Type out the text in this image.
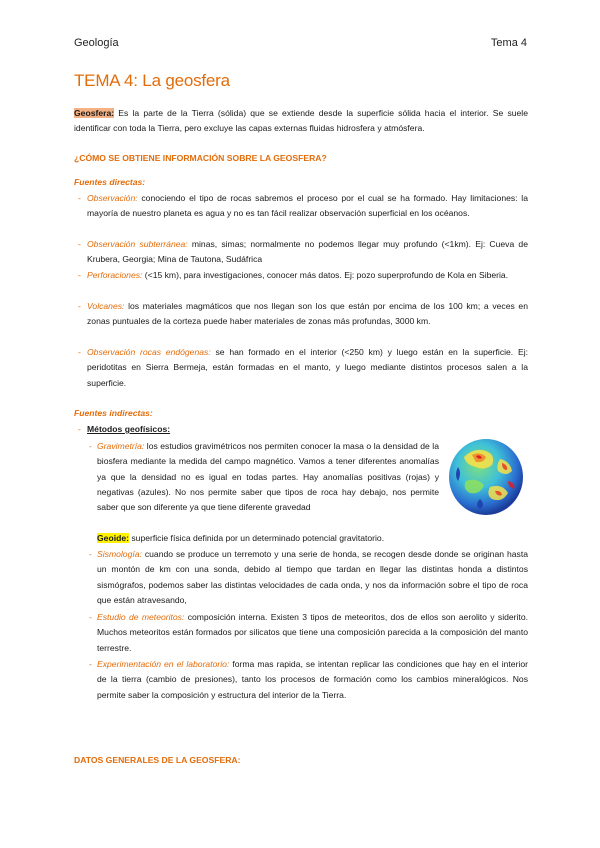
Geología	Tema 4
TEMA 4: La geosfera
Geosfera: Es la parte de la Tierra (sólida) que se extiende desde la superficie sólida hacia el interior. Se suele identificar con toda la Tierra, pero excluye las capas externas fluidas hidrosfera y atmósfera.
¿CÓMO SE OBTIENE INFORMACIÓN SOBRE LA GEOSFERA?
Fuentes directas:
- Observación: conociendo el tipo de rocas sabremos el proceso por el cual se ha formado. Hay limitaciones: la mayoría de nuestro planeta es agua y no es tan fácil realizar observación superficial en los océanos.
- Observación subterránea: minas, simas; normalmente no podemos llegar muy profundo (<1km). Ej: Cueva de Krubera, Georgia; Mina de Tautona, Sudáfrica
- Perforaciones: (<15 km), para investigaciones, conocer más datos. Ej: pozo superprofundo de Kola en Siberia.
- Volcanes: los materiales magmáticos que nos llegan son los que están por encima de los 100 km; a veces en zonas puntuales de la corteza puede haber materiales de zonas más profundas, 3000 km.
- Observación rocas endógenas: se han formado en el interior (<250 km) y luego están en la superficie. Ej: peridotitas en Sierra Bermeja, están formadas en el manto, y luego mediante distintos procesos salen a la superficie.
Fuentes indirectas:
- Métodos geofísicos:
- Gravimetría: los estudios gravimétricos nos permiten conocer la masa o la densidad de la biosfera mediante la medida del campo magnético. Vamos a tener diferentes anomalías ya que la densidad no es igual en todas partes. Hay anomalías positivas (rojas) y negativas (azules). No nos permite saber que tipos de roca hay debajo, nos permite saber que son diferente ya que tiene diferente gravedad
Geoide: superficie física definida por un determinado potencial gravitatorio.
- Sismología: cuando se produce un terremoto y una serie de honda, se recogen desde donde se originan hasta un montón de km con una sonda, debido al tiempo que tardan en llegar las distintas honda a distintos sismógrafos, podemos saber las distintas velocidades de cada onda, y nos da información sobre el tipo de roca que están atravesando,
- Estudio de meteoritos: composición interna. Existen 3 tipos de meteoritos, dos de ellos son aerolito y siderito. Muchos meteoritos están formados por silicatos que tiene una composición parecida a la composición del manto terrestre.
- Experimentación en el laboratorio: forma mas rapida, se intentan replicar las condiciones que hay en el interior de la tierra (cambio de presiones), tanto los procesos de formación como los cambios mineralógicos. Nos permite saber la composición y estructura del interior de la Tierra.
DATOS GENERALES DE LA GEOSFERA:
